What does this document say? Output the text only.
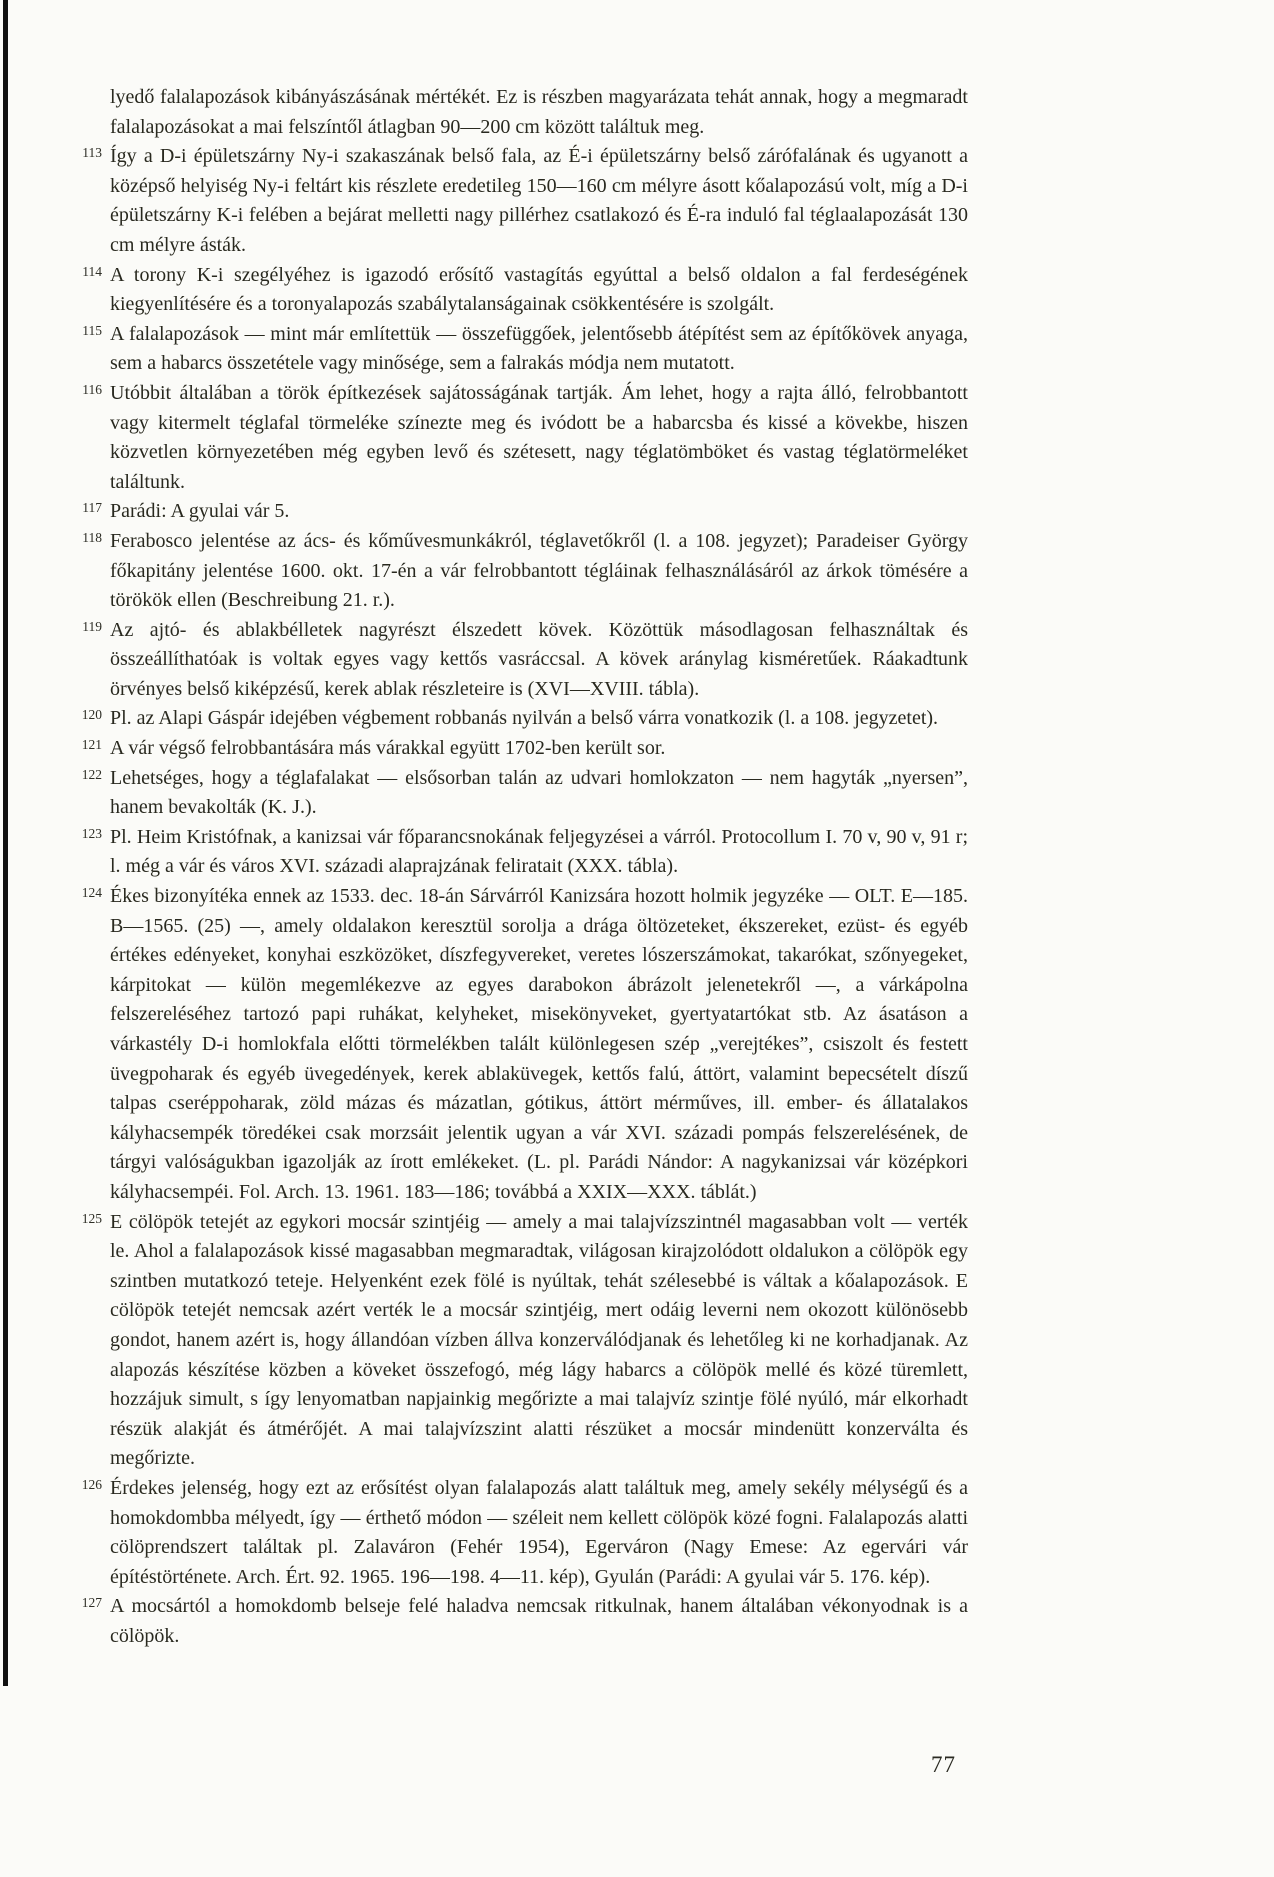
lyedő falalapozások kibányászásának mértékét. Ez is részben magyarázata tehát annak, hogy a megmaradt falalapozásokat a mai felszíntől átlagban 90—200 cm között találtuk meg.

113 Így a D-i épületszárny Ny-i szakaszának belső fala, az É-i épületszárny belső zárófalának és ugyanott a középső helyiség Ny-i feltárt kis részlete eredetileg 150—160 cm mélyre ásott kőalapozású volt, míg a D-i épületszárny K-i felében a bejárat melletti nagy pillérhez csatlakozó és É-ra induló fal téglaalapozását 130 cm mélyre ásták.
114 A torony K-i szegélyéhez is igazodó erősítő vastagítás egyúttal a belső oldalon a fal ferdeségének kiegyenlítésére és a toronyalapozás szabálytalanságainak csökkentésére is szolgált.
115 A falalapozások — mint már említettük — összefüggőek, jelentősebb átépítést sem az építőkövek anyaga, sem a habarcs összetétele vagy minősége, sem a falrakás módja nem mutatott.
116 Utóbbit általában a török építkezések sajátosságának tartják. Ám lehet, hogy a rajta álló, felrobbantott vagy kitermelt téglafal törmeléke színezte meg és ivódott be a habarcsba és kissé a kövekbe, hiszen közvetlen környezetében még egyben levő és szétesett, nagy téglatömböket és vastag téglatörmeléket találtunk.
117 Parádi: A gyulai vár 5.
118 Ferabosco jelentése az ács- és kőművesmunkákról, téglavetőkről (l. a 108. jegyzet); Paradeiser György főkapitány jelentése 1600. okt. 17-én a vár felrobbantott tégláinak felhasználásáról az árkok tömésére a törökök ellen (Beschreibung 21. r.).
119 Az ajtó- és ablakbélletek nagyrészt élszedett kövek. Közöttük másodlagosan felhasználtak és összeállíthatóak is voltak egyes vagy kettős vasráccsal. A kövek aránylag kisméretűek. Ráakadtunk örvényes belső kiképzésű, kerek ablak részleteire is (XVI—XVIII. tábla).
120 Pl. az Alapi Gáspár idejében végbement robbanás nyilván a belső várra vonatkozik (l. a 108. jegyzetet).
121 A vár végső felrobbantására más várakkal együtt 1702-ben került sor.
122 Lehetséges, hogy a téglafalakat — elsősorban talán az udvari homlokzaton — nem hagyták „nyersen”, hanem bevakolták (K. J.).
123 Pl. Heim Kristófnak, a kanizsai vár főparancsnokának feljegyzései a várról. Protocollum I. 70 v, 90 v, 91 r; l. még a vár és város XVI. századi alaprajzának feliratait (XXX. tábla).
124 Ékes bizonyítéka ennek az 1533. dec. 18-án Sárvárról Kanizsára hozott holmik jegyzéke — OLT. E—185. B—1565. (25) —, amely oldalakon keresztül sorolja a drága öltözeteket, ékszereket, ezüst- és egyéb értékes edényeket, konyhai eszközöket, díszfegyvereket, veretes lószerszámokat, takarókat, szőnyegeket, kárpitokat — külön megemlékezve az egyes darabokon ábrázolt jelenetekről —, a várkápolna felszereléséhez tartozó papi ruhákat, kelyheket, misekönyveket, gyertyatartókat stb. Az ásatáson a várkastély D-i homlokfala előtti törmelékben talált különlegesen szép „verejtékes”, csiszolt és festett üvegpoharak és egyéb üvegedények, kerek ablaküvegek, kettős falú, áttört, valamint bepecsételt díszű talpas cseréppoharak, zöld mázas és mázatlan, gótikus, áttört mérműves, ill. ember- és állatalakos kályhacsempék töredékei csak morzsáit jelentik ugyan a vár XVI. századi pompás felszerelésének, de tárgyi valóságukban igazolják az írott emlékeket. (L. pl. Parádi Nándor: A nagykanizsai vár középkori kályhacsempéi. Fol. Arch. 13. 1961. 183—186; továbbá a XXIX—XXX. táblát.)
125 E cölöpök tetejét az egykori mocsár szintjéig — amely a mai talajvízszintnél magasabban volt — verték le. Ahol a falalapozások kissé magasabban megmaradtak, világosan kirajzolódott oldalukon a cölöpök egy szintben mutatkozó teteje. Helyenként ezek fölé is nyúltak, tehát szélesebbé is váltak a kőalapozások. E cölöpök tetejét nemcsak azért verték le a mocsár szintjéig, mert odáig leverni nem okozott különösebb gondot, hanem azért is, hogy állandóan vízben állva konzerválódjanak és lehetőleg ki ne korhadjanak. Az alapozás készítése közben a köveket összefogó, még lágy habarcs a cölöpök mellé és közé türemlett, hozzájuk simult, s így lenyomatban napjainkig megőrizte a mai talajvíz szintje fölé nyúló, már elkorhadt részük alakját és átmérőjét. A mai talajvízszint alatti részüket a mocsár mindenütt konzerválta és megőrizte.
126 Érdekes jelenség, hogy ezt az erősítést olyan falalapozás alatt találtuk meg, amely sekély mélységű és a homokdombba mélyedt, így — érthető módon — széleit nem kellett cölöpök közé fogni. Falalapozás alatti cölöprendszert találtak pl. Zalaváron (Fehér 1954), Egerváron (Nagy Emese: Az egervári vár építéstörténete. Arch. Ért. 92. 1965. 196—198. 4—11. kép), Gyulán (Parádi: A gyulai vár 5. 176. kép).
127 A mocsártól a homokdomb belseje felé haladva nemcsak ritkulnak, hanem általában vékonyodnak is a cölöpök.
77
